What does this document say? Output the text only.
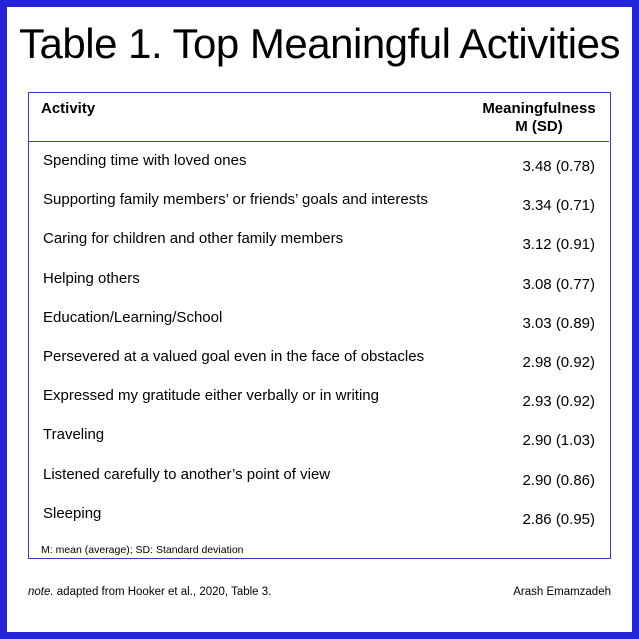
Table 1. Top Meaningful Activities
Activity	Meaningfulness
M (SD)
Spending time with loved ones	3.48 (0.78)
Supporting family members’ or friends’ goals and interests	3.34 (0.71)
Caring for children and other family members	3.12 (0.91)
Helping others	3.08 (0.77)
Education/Learning/School	3.03 (0.89)
Persevered at a valued goal even in the face of obstacles	2.98 (0.92)
Expressed my gratitude either verbally or in writing	2.93 (0.92)
Traveling	2.90 (1.03)
Listened carefully to another’s point of view	2.90 (0.86)
Sleeping	2.86 (0.95)
M: mean (average); SD: Standard deviation
note. adapted from Hooker et al., 2020, Table 3.	Arash Emamzadeh
